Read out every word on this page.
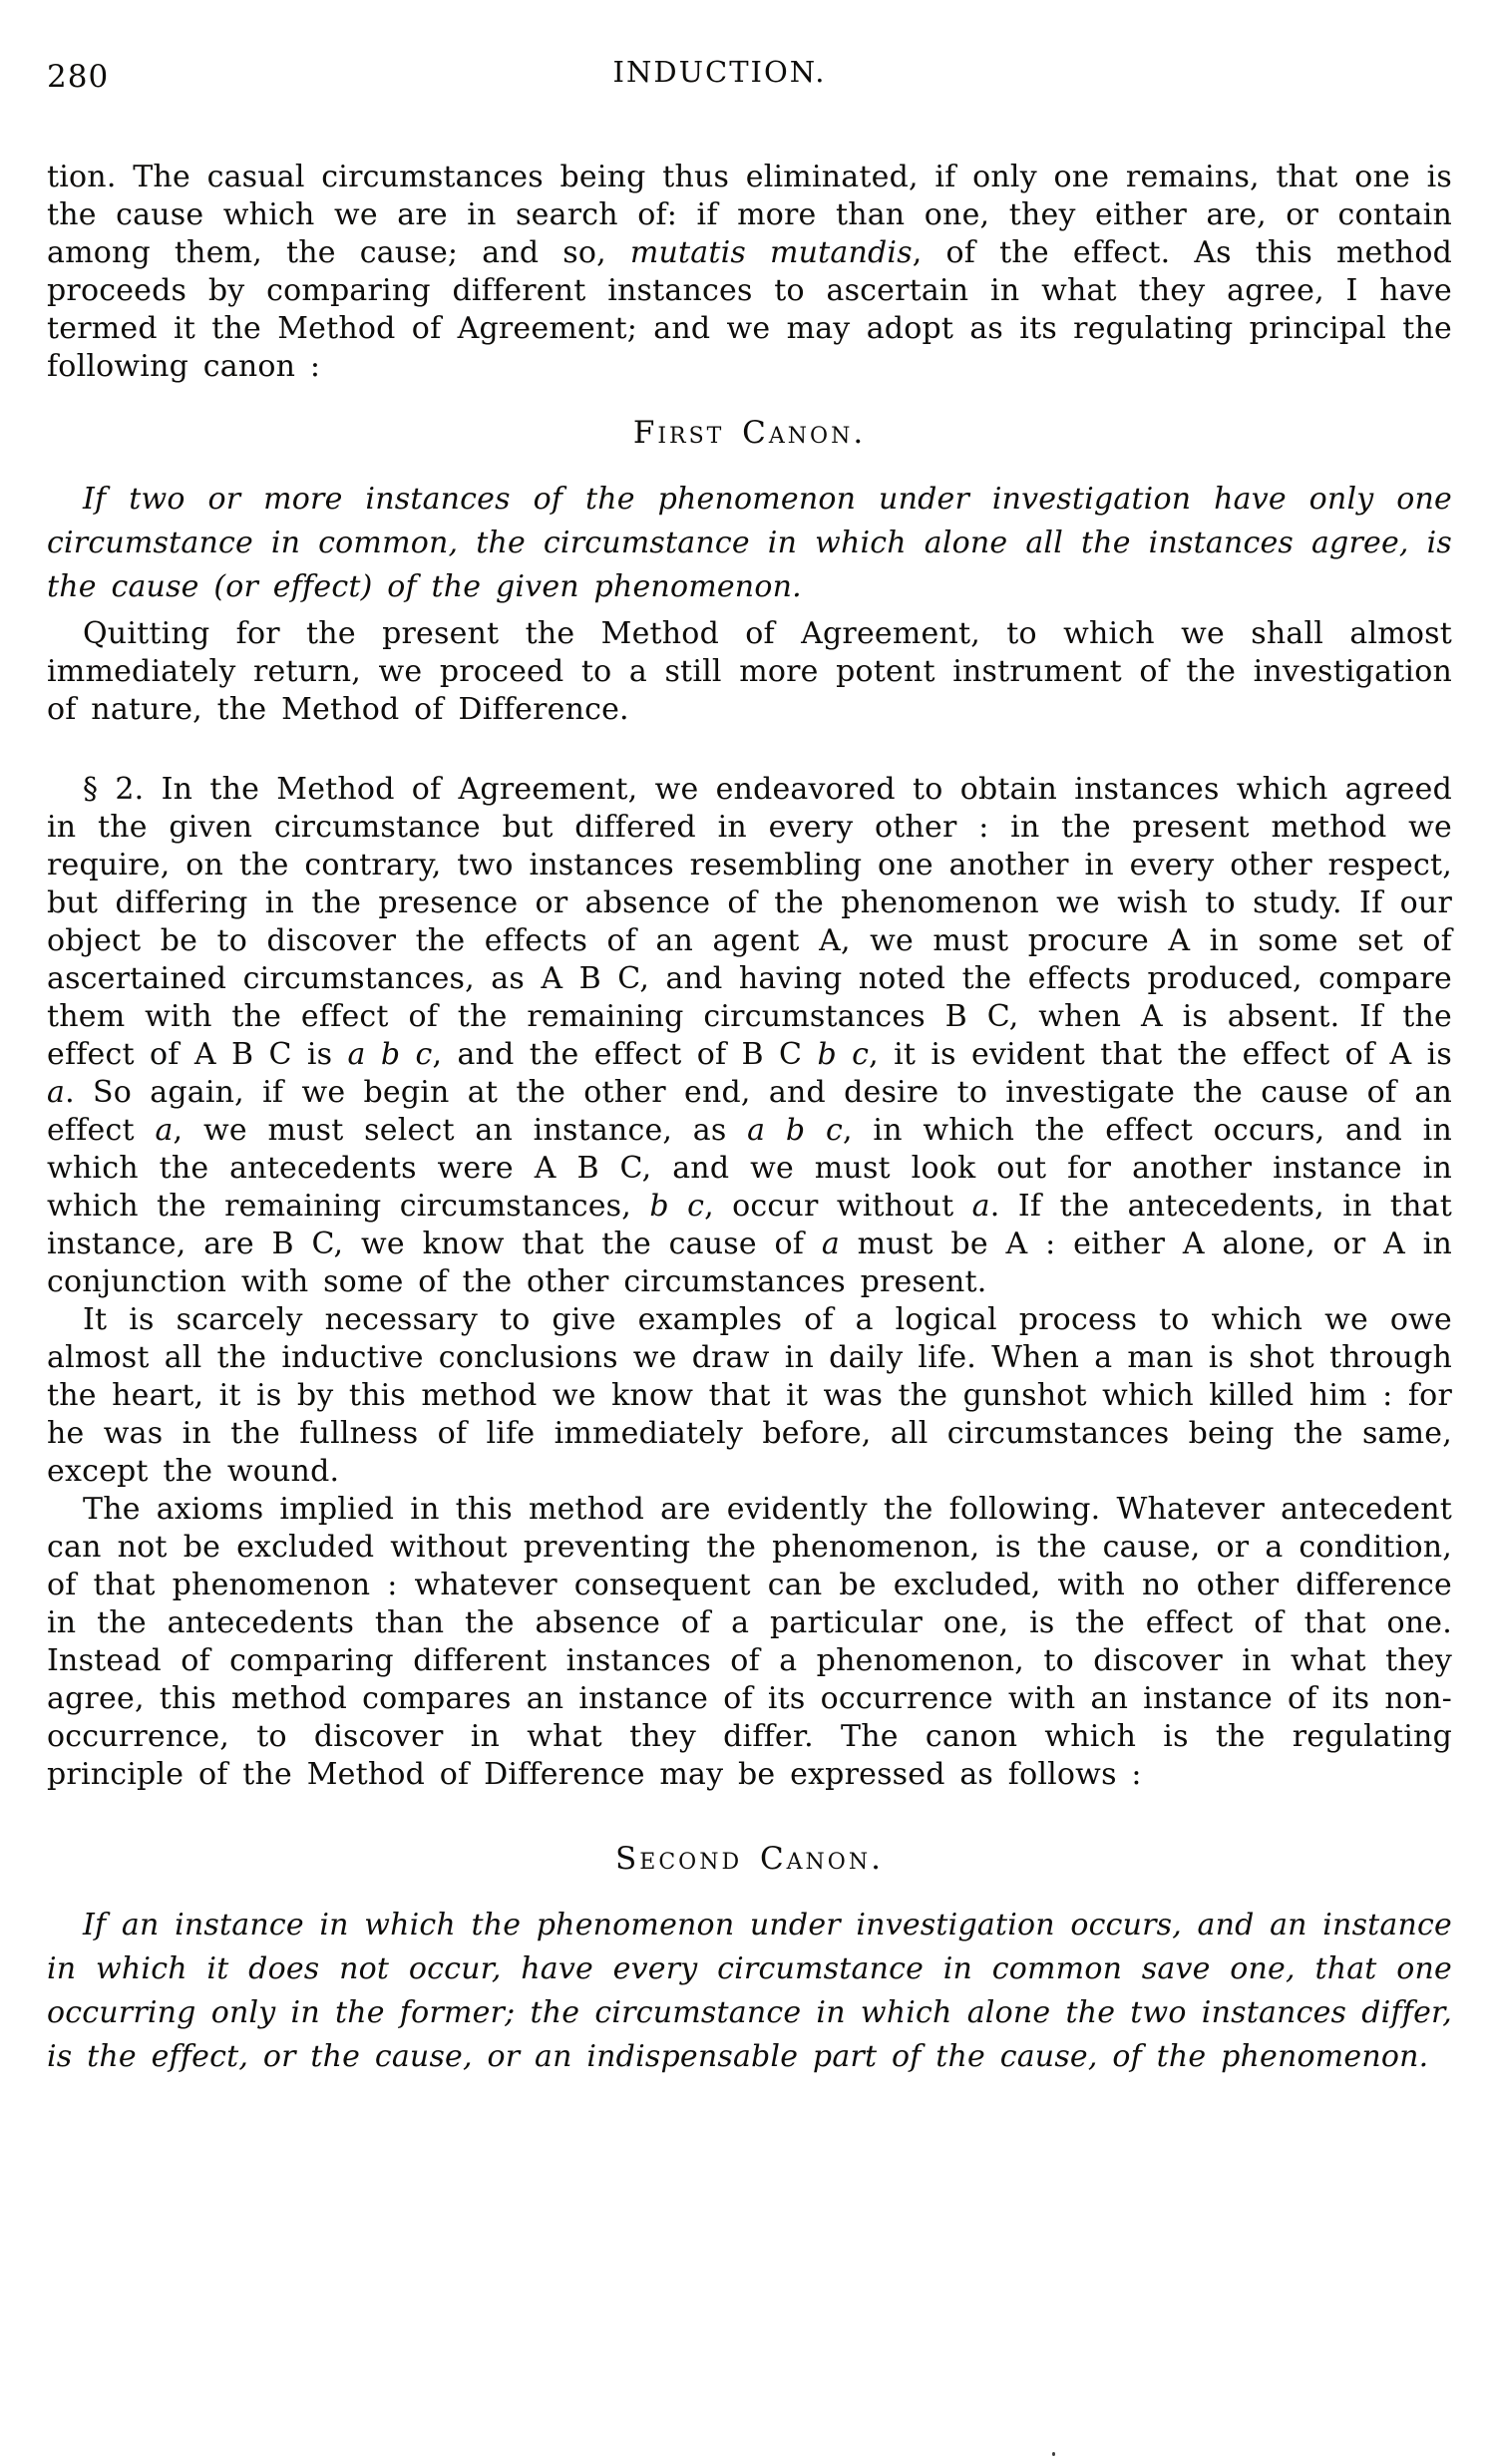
280	INDUCTION.

tion. The casual circumstances being thus eliminated, if only one remains, that one is the cause which we are in search of: if more than one, they either are, or contain among them, the cause; and so, mutatis mutandis, of the effect. As this method proceeds by comparing different instances to ascertain in what they agree, I have termed it the Method of Agreement; and we may adopt as its regulating principal the following canon :

First Canon.

If two or more instances of the phenomenon under investigation have only one circumstance in common, the circumstance in which alone all the instances agree, is the cause (or effect) of the given phenomenon.

Quitting for the present the Method of Agreement, to which we shall almost immediately return, we proceed to a still more potent instrument of the investigation of nature, the Method of Difference.

§ 2. In the Method of Agreement, we endeavored to obtain instances which agreed in the given circumstance but differed in every other : in the present method we require, on the contrary, two instances resembling one another in every other respect, but differing in the presence or absence of the phenomenon we wish to study. If our object be to discover the effects of an agent A, we must procure A in some set of ascertained circumstances, as A B C, and having noted the effects produced, compare them with the effect of the remaining circumstances B C, when A is absent. If the effect of A B C is a b c, and the effect of B C b c, it is evident that the effect of A is a. So again, if we begin at the other end, and desire to investigate the cause of an effect a, we must select an instance, as a b c, in which the effect occurs, and in which the antecedents were A B C, and we must look out for another instance in which the remaining circumstances, b c, occur without a. If the antecedents, in that instance, are B C, we know that the cause of a must be A : either A alone, or A in conjunction with some of the other circumstances present.

It is scarcely necessary to give examples of a logical process to which we owe almost all the inductive conclusions we draw in daily life. When a man is shot through the heart, it is by this method we know that it was the gunshot which killed him : for he was in the fullness of life immediately before, all circumstances being the same, except the wound.

The axioms implied in this method are evidently the following. Whatever antecedent can not be excluded without preventing the phenomenon, is the cause, or a condition, of that phenomenon : whatever consequent can be excluded, with no other difference in the antecedents than the absence of a particular one, is the effect of that one. Instead of comparing different instances of a phenomenon, to discover in what they agree, this method compares an instance of its occurrence with an instance of its non-occurrence, to discover in what they differ. The canon which is the regulating principle of the Method of Difference may be expressed as follows :

Second Canon.

If an instance in which the phenomenon under investigation occurs, and an instance in which it does not occur, have every circumstance in common save one, that one occurring only in the former; the circumstance in which alone the two instances differ, is the effect, or the cause, or an indispensable part of the cause, of the phenomenon.
